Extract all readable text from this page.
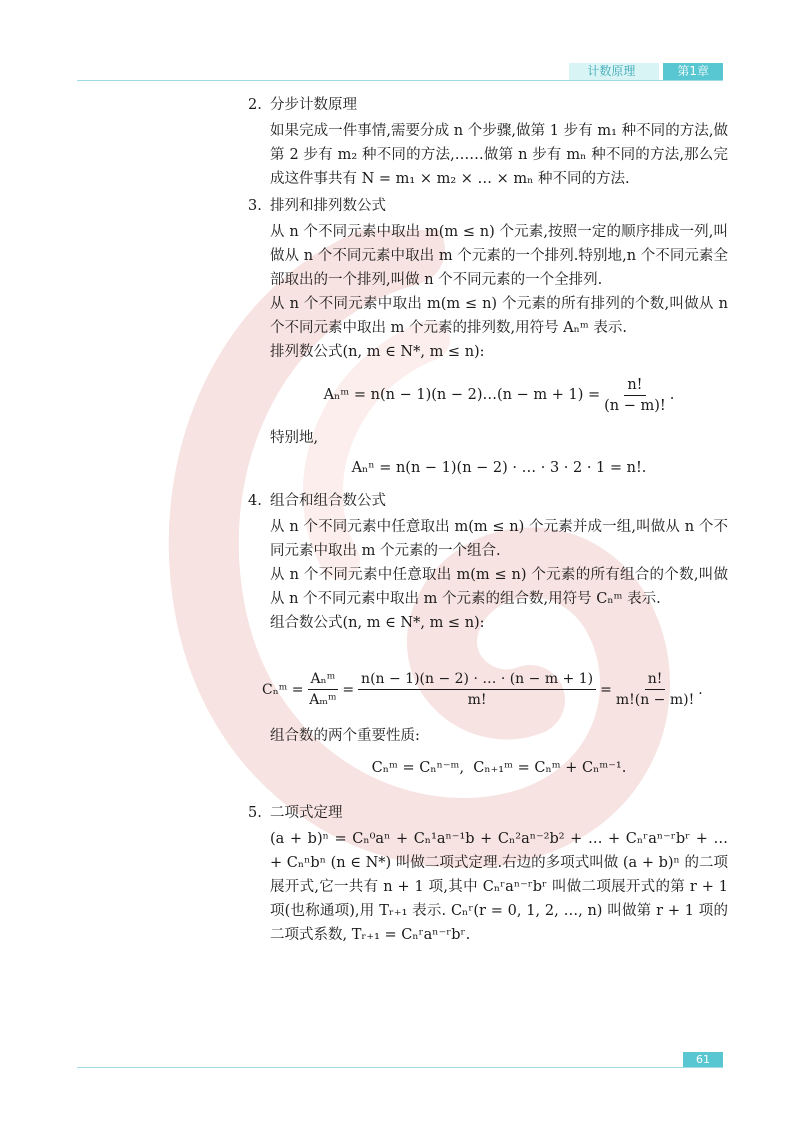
计数原理	第1章
2. 分步计数原理
如果完成一件事情,需要分成 n 个步骤,做第 1 步有 m₁ 种不同的方法,做第 2 步有 m₂ 种不同的方法,……做第 n 步有 mₙ 种不同的方法,那么完成这件事共有 N = m₁ × m₂ × … × mₙ 种不同的方法.
3. 排列和排列数公式
从 n 个不同元素中取出 m(m ≤ n) 个元素,按照一定的顺序排成一列,叫做从 n 个不同元素中取出 m 个元素的一个排列.特别地,n 个不同元素全部取出的一个排列,叫做 n 个不同元素的一个全排列.
从 n 个不同元素中取出 m(m ≤ n) 个元素的所有排列的个数,叫做从 n 个不同元素中取出 m 个元素的排列数,用符号 Aₙᵐ 表示.
排列数公式(n, m ∈ N*, m ≤ n):
Aₙᵐ = n(n − 1)(n − 2)…(n − $m + 1) = \frac{n!}{(n - m)!}$ .
特别地,
Aₙⁿ = n(n − 1)(n − 2) · … · 3 · 2 · 1 = n!.
4. 组合和组合数公式
从 n 个不同元素中任意取出 m(m ≤ n) 个元素并成一组,叫做从 n 个不同元素中取出 m 个元素的一个组合.
从 n 个不同元素中任意取出 m(m ≤ n) 个元素的所有组合的个数,叫做从 n 个不同元素中取出 m 个元素的组合数,用符号 Cₙᵐ 表示.
组合数公式(n, m ∈ N*, m ≤ n):
Cₙᵐ = $\frac{\text{Aₙᵐ}}{\text{Aₘᵐ}} = \frac{n(n - 1)(n - 2) \cdot \dots \cdot (n - m + 1)}{m!} = \frac{n!}{m!(n - m)!}$ .
组合数的两个重要性质:
Cₙᵐ = Cₙⁿ⁻ᵐ,  Cₙ₊₁ᵐ = Cₙᵐ + Cₙᵐ⁻¹.
5. 二项式定理
(a + b)ⁿ = Cₙ⁰aⁿ + Cₙ¹aⁿ⁻¹b + Cₙ²aⁿ⁻²b² + … + Cₙʳaⁿ⁻ʳbʳ + … + Cₙⁿbⁿ (n ∈ N*) 叫做二项式定理.右边的多项式叫做 (a + b)ⁿ 的二项展开式,它一共有 n + 1 项,其中 Cₙʳaⁿ⁻ʳbʳ 叫做二项展开式的第 r + 1 项(也称通项),用 Tᵣ₊₁ 表示. Cₙʳ(r = 0, 1, 2, …, n) 叫做第 r + 1 项的二项式系数, Tᵣ₊₁ = Cₙʳaⁿ⁻ʳbʳ.
61
